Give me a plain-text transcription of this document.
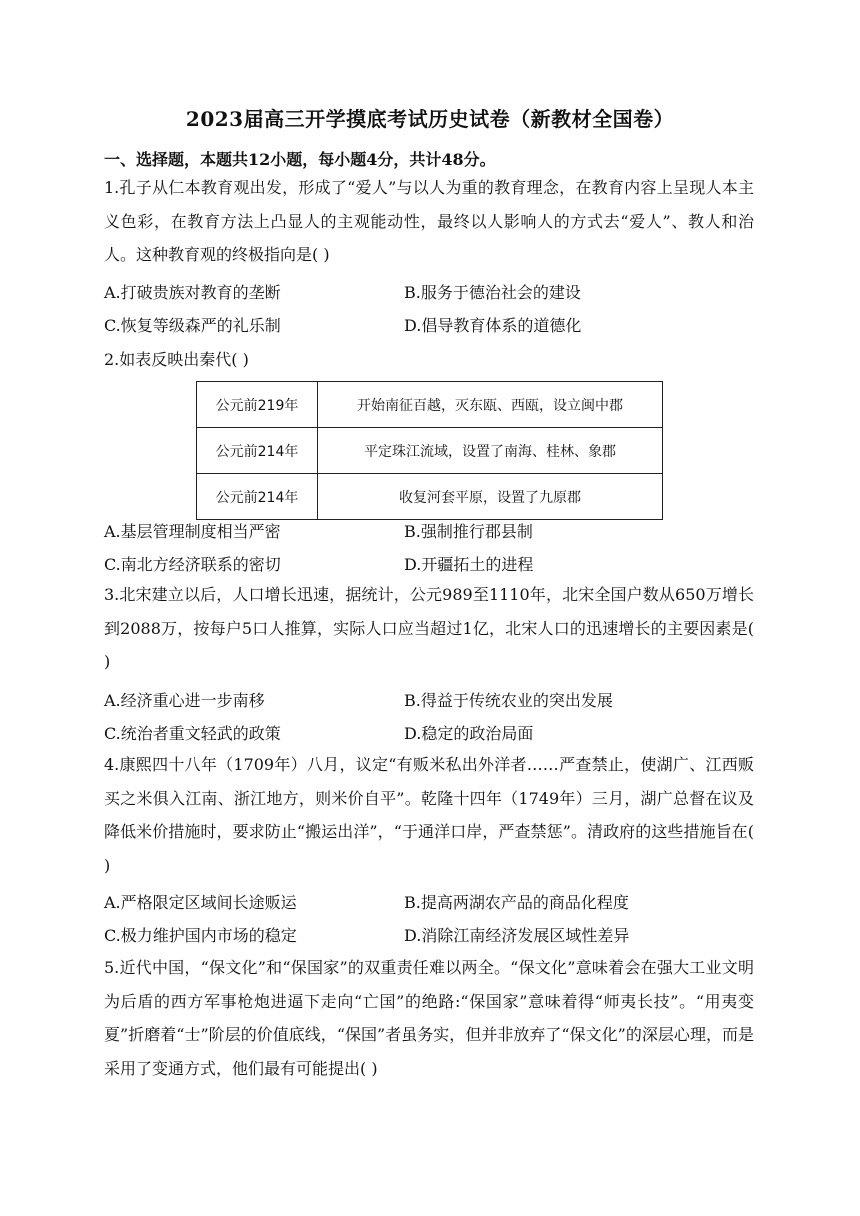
2023届高三开学摸底考试历史试卷（新教材全国卷）
一、选择题，本题共12小题，每小题4分，共计48分。
1.孔子从仁本教育观出发，形成了“爱人”与以人为重的教育理念，在教育内容上呈现人本主义色彩，在教育方法上凸显人的主观能动性，最终以人影响人的方式去“爱人”、教人和治人。这种教育观的终极指向是( )
A.打破贵族对教育的垄断	B.服务于德治社会的建设
C.恢复等级森严的礼乐制	D.倡导教育体系的道德化
2.如表反映出秦代( )
公元前219年	开始南征百越，灭东瓯、西瓯，设立闽中郡
公元前214年	平定珠江流域，设置了南海、桂林、象郡
公元前214年	收复河套平原，设置了九原郡
A.基层管理制度相当严密	B.强制推行郡县制
C.南北方经济联系的密切	D.开疆拓土的进程
3.北宋建立以后，人口增长迅速，据统计，公元989至1110年，北宋全国户数从650万增长到2088万，按每户5口人推算，实际人口应当超过1亿，北宋人口的迅速增长的主要因素是( )
A.经济重心进一步南移	B.得益于传统农业的突出发展
C.统治者重文轻武的政策	D.稳定的政治局面
4.康熙四十八年（1709年）八月，议定“有贩米私出外洋者……严查禁止，使湖广、江西贩买之米俱入江南、浙江地方，则米价自平”。乾隆十四年（1749年）三月，湖广总督在议及降低米价措施时，要求防止“搬运出洋”，“于通洋口岸，严查禁惩”。清政府的这些措施旨在( )
A.严格限定区域间长途贩运	B.提高两湖农产品的商品化程度
C.极力维护国内市场的稳定	D.消除江南经济发展区域性差异
5.近代中国，“保文化”和“保国家”的双重责任难以两全。“保文化”意味着会在强大工业文明为后盾的西方军事枪炮进逼下走向“亡国”的绝路:“保国家”意味着得“师夷长技”。“用夷变夏”折磨着“士”阶层的价值底线，“保国”者虽务实，但并非放弃了“保文化”的深层心理，而是采用了变通方式，他们最有可能提出( )
